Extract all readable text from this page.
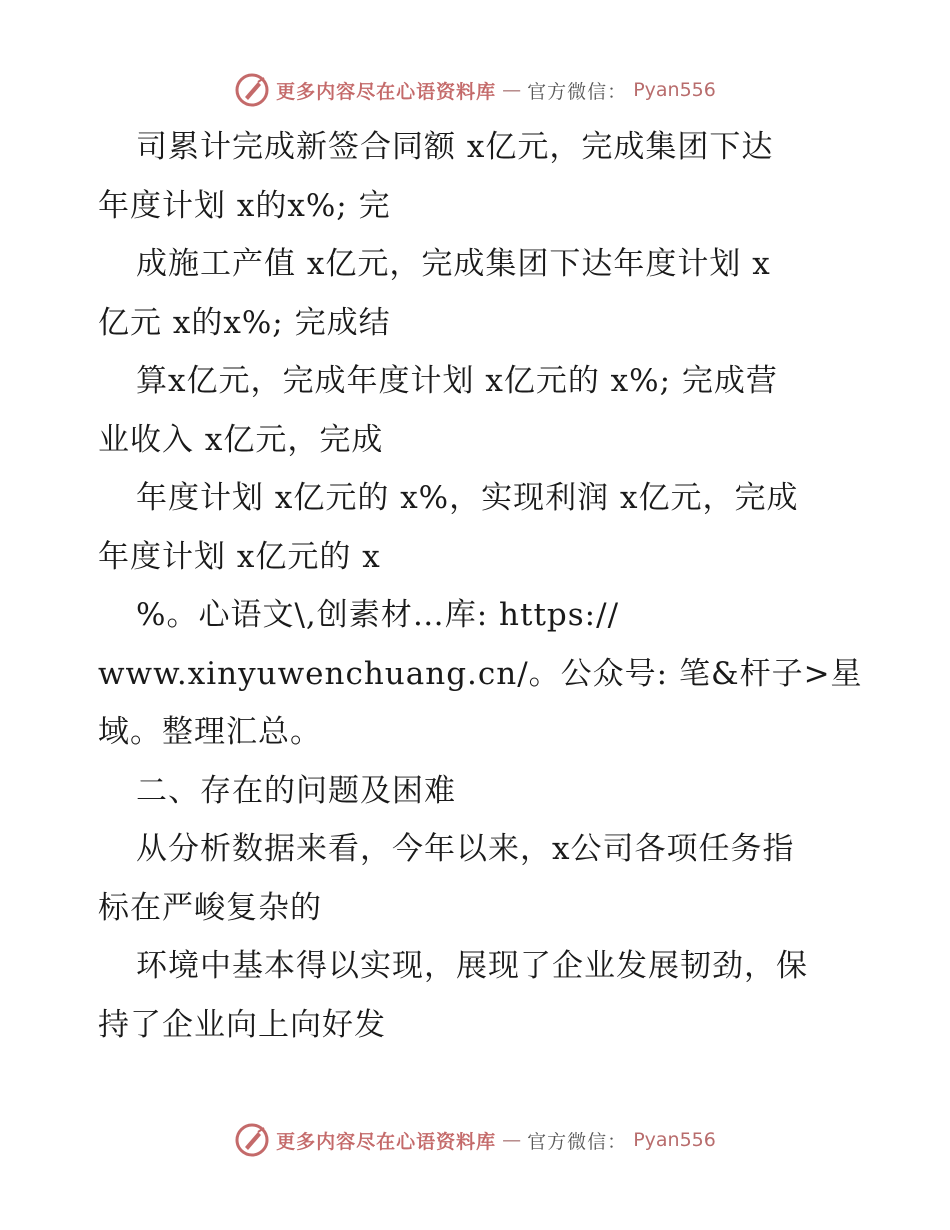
更多内容尽在心语资料库 — 官方微信： Pyan556
司累计完成新签合同额 x亿元，完成集团下达
年度计划 x的x%; 完
成施工产值 x亿元，完成集团下达年度计划 x
亿元 x的x%; 完成结
算x亿元，完成年度计划 x亿元的 x%; 完成营
业收入 x亿元，完成
年度计划 x亿元的 x%，实现利润 x亿元，完成
年度计划 x亿元的 x
%。心语文\,创素材…库: https://
www.xinyuwenchuang.cn/。公众号: 笔&杆子>星
域。整理汇总。
二、存在的问题及困难
从分析数据来看，今年以来，x公司各项任务指
标在严峻复杂的
环境中基本得以实现，展现了企业发展韧劲，保
持了企业向上向好发
更多内容尽在心语资料库 — 官方微信： Pyan556
